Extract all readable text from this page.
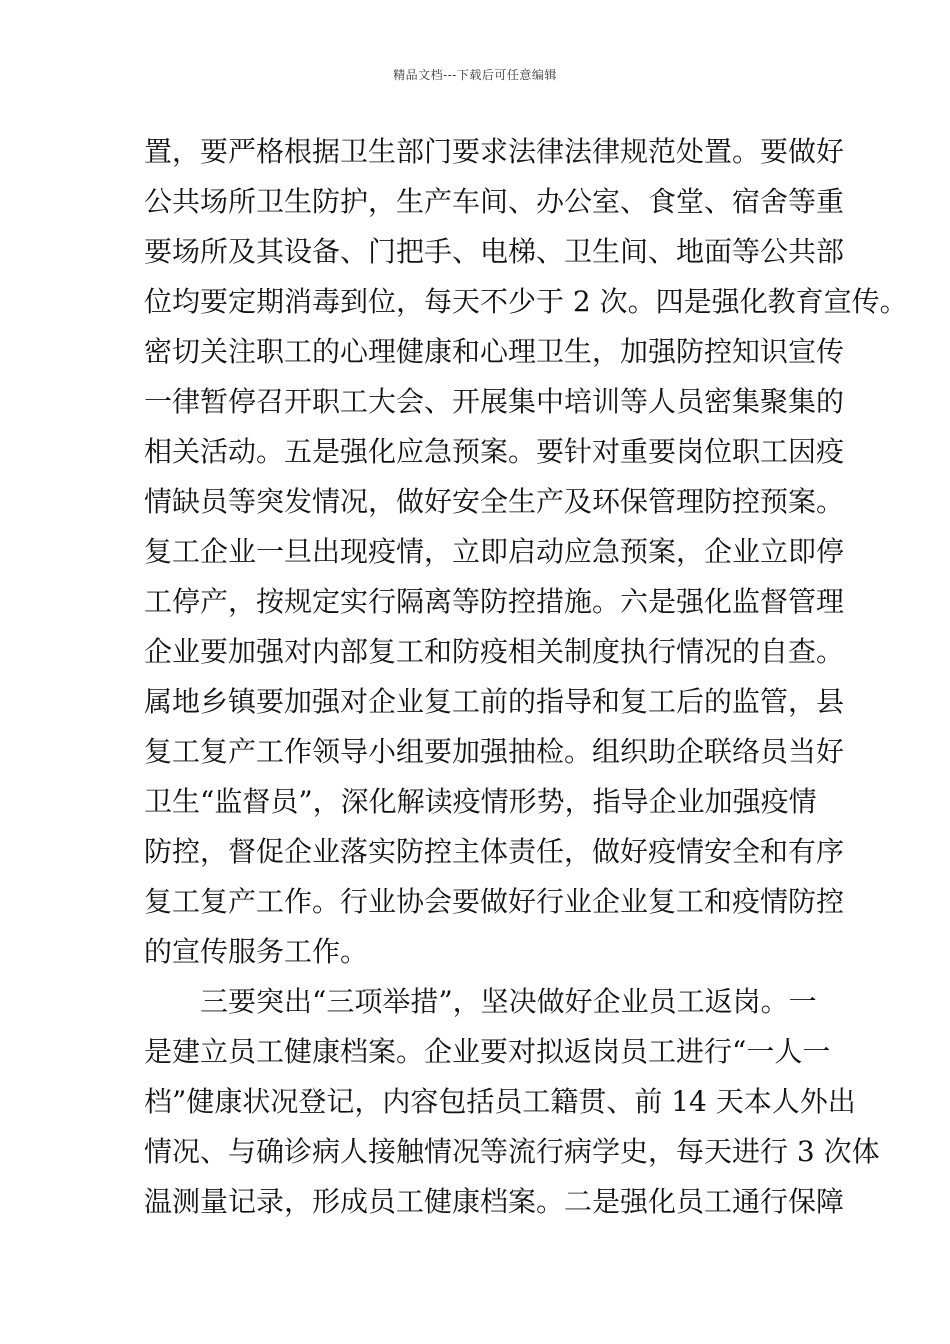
精品文档---下载后可任意编辑
置，要严格根据卫生部门要求法律法律规范处置。要做好
公共场所卫生防护，生产车间、办公室、食堂、宿舍等重
要场所及其设备、门把手、电梯、卫生间、地面等公共部
位均要定期消毒到位，每天不少于 2 次。四是强化教育宣传。
密切关注职工的心理健康和心理卫生，加强防控知识宣传
一律暂停召开职工大会、开展集中培训等人员密集聚集的
相关活动。五是强化应急预案。要针对重要岗位职工因疫
情缺员等突发情况，做好安全生产及环保管理防控预案。
复工企业一旦出现疫情，立即启动应急预案，企业立即停
工停产，按规定实行隔离等防控措施。六是强化监督管理
企业要加强对内部复工和防疫相关制度执行情况的自查。
属地乡镇要加强对企业复工前的指导和复工后的监管，县
复工复产工作领导小组要加强抽检。组织助企联络员当好
卫生“监督员”，深化解读疫情形势，指导企业加强疫情
防控，督促企业落实防控主体责任，做好疫情安全和有序
复工复产工作。行业协会要做好行业企业复工和疫情防控
的宣传服务工作。
三要突出“三项举措”，坚决做好企业员工返岗。一
是建立员工健康档案。企业要对拟返岗员工进行“一人一
档”健康状况登记，内容包括员工籍贯、前 14 天本人外出
情况、与确诊病人接触情况等流行病学史，每天进行 3 次体
温测量记录，形成员工健康档案。二是强化员工通行保障
